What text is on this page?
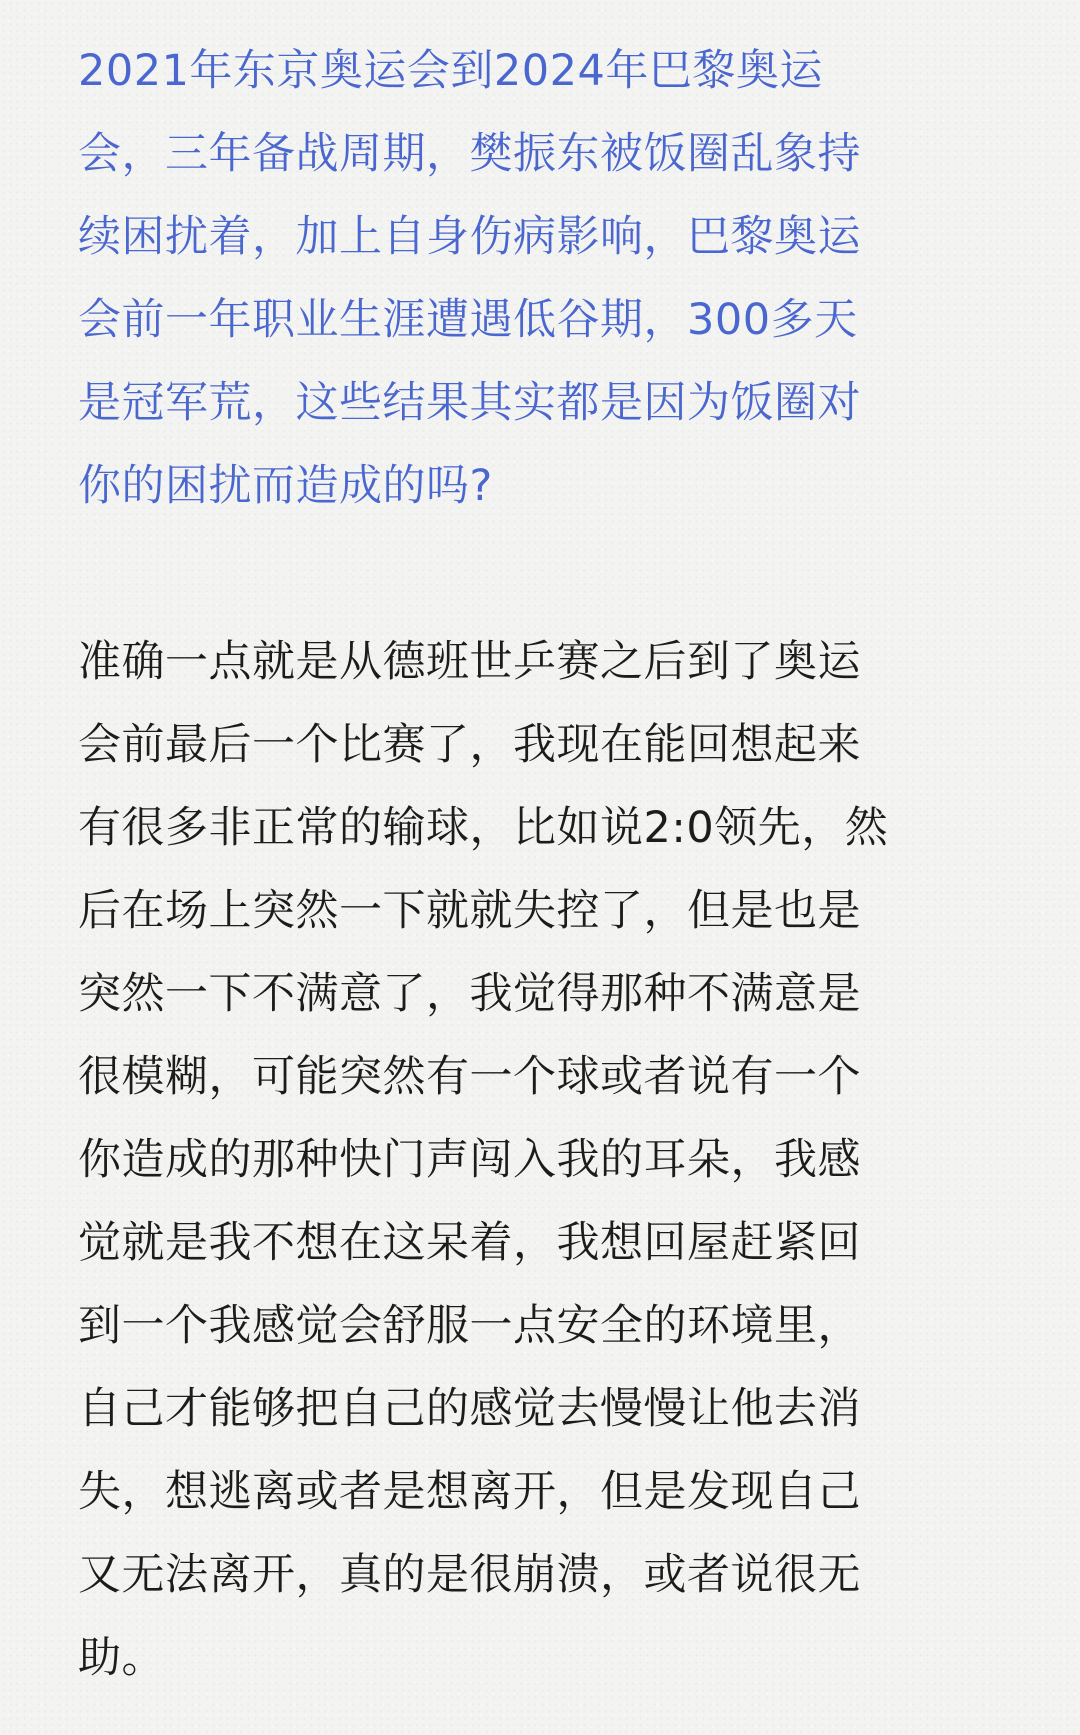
2021年东京奥运会到2024年巴黎奥运
会，三年备战周期，樊振东被饭圈乱象持
续困扰着，加上自身伤病影响，巴黎奥运
会前一年职业生涯遭遇低谷期，300多天
是冠军荒，这些结果其实都是因为饭圈对
你的困扰而造成的吗?

准确一点就是从德班世乒赛之后到了奥运
会前最后一个比赛了，我现在能回想起来
有很多非正常的输球，比如说2:0领先，然
后在场上突然一下就就失控了，但是也是
突然一下不满意了，我觉得那种不满意是
很模糊，可能突然有一个球或者说有一个
你造成的那种快门声闯入我的耳朵，我感
觉就是我不想在这呆着，我想回屋赶紧回
到一个我感觉会舒服一点安全的环境里，
自己才能够把自己的感觉去慢慢让他去消
失，想逃离或者是想离开，但是发现自己
又无法离开，真的是很崩溃，或者说很无
助。
